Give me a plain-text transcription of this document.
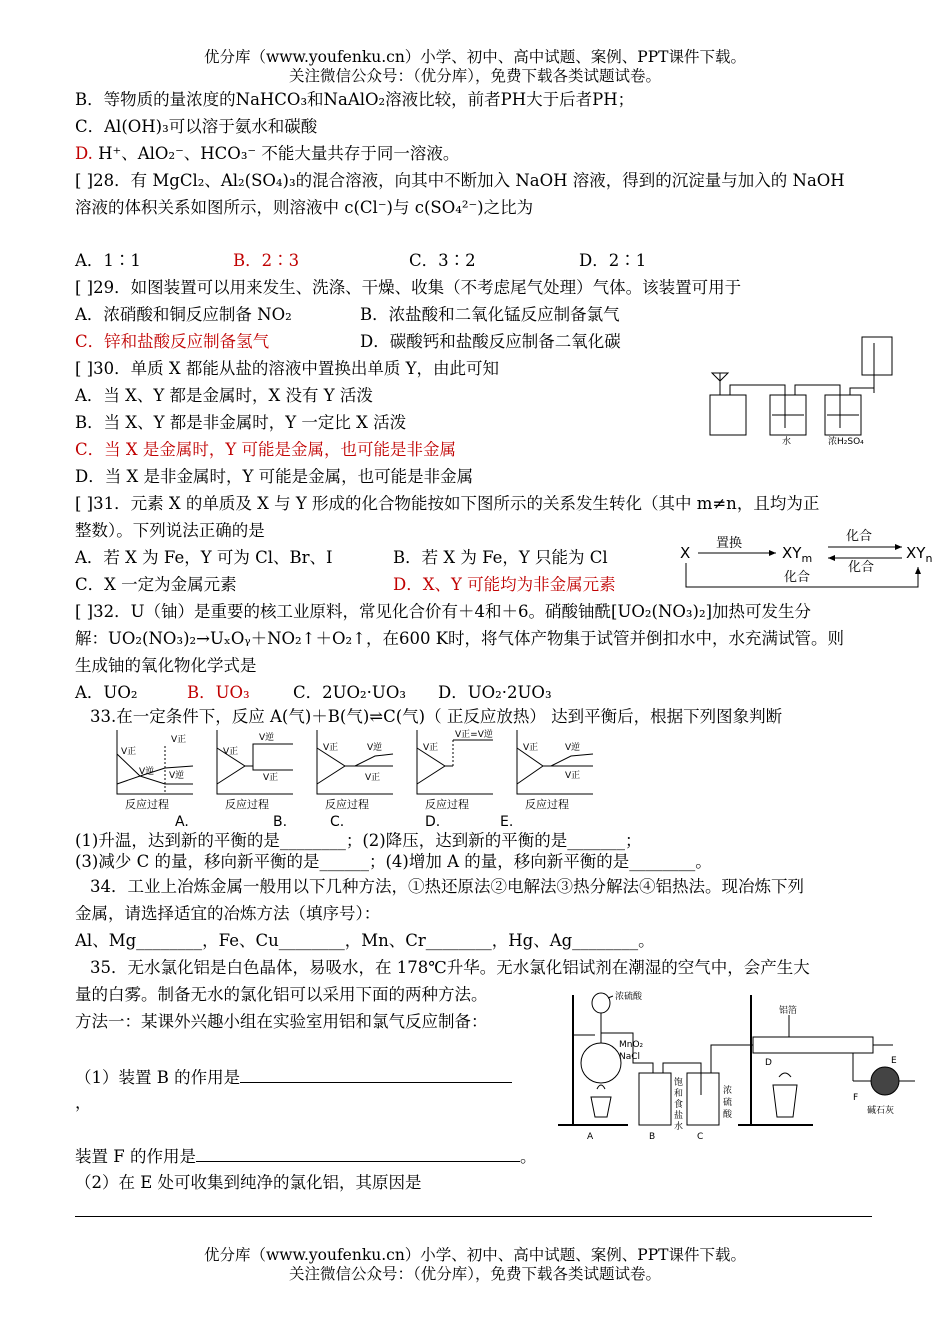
优分库（www.youfenku.cn）小学、初中、高中试题、案例、PPT课件下载。
关注微信公众号：（优分库），免费下载各类试题试卷。
B．等物质的量浓度的NaHCO₃和NaAlO₂溶液比较，前者PH大于后者PH；
C．Al(OH)₃可以溶于氨水和碳酸
D. H⁺、AlO₂⁻、HCO₃⁻ 不能大量共存于同一溶液。
[ ]28．有 MgCl₂、Al₂(SO₄)₃的混合溶液，向其中不断加入 NaOH 溶液，得到的沉淀量与加入的 NaOH
溶液的体积关系如图所示，则溶液中 c(Cl⁻)与 c(SO₄²⁻)之比为
A．1∶1	B．2∶3	C．3∶2	D．2∶1
[ ]29．如图装置可以用来发生、洗涤、干燥、收集（不考虑尾气处理）气体。该装置可用于
A．浓硝酸和铜反应制备 NO₂	B．浓盐酸和二氧化锰反应制备氯气
C．锌和盐酸反应制备氢气	D．碳酸钙和盐酸反应制备二氧化碳
水	浓H₂SO₄
[ ]30．单质 X 都能从盐的溶液中置换出单质 Y，由此可知
A．当 X、Y 都是金属时，X 没有 Y 活泼
B．当 X、Y 都是非金属时，Y 一定比 X 活泼
C．当 X 是金属时，Y 可能是金属，也可能是非金属
D．当 X 是非金属时，Y 可能是金属，也可能是非金属
[ ]31．元素 X 的单质及 X 与 Y 形成的化合物能按如下图所示的关系发生转化（其中 m≠n，且均为正
整数）。下列说法正确的是
A．若 X 为 Fe，Y 可为 Cl、Br、I	B．若 X 为 Fe，Y 只能为 Cl
C．X 一定为金属元素	D．X、Y 可能均为非金属元素
X
置换
$XY_m$
化合
化合
$XY_n$
化合
[ ]32．U（铀）是重要的核工业原料，常见化合价有＋4和＋6。硝酸铀酰[UO₂(NO₃)₂]加热可发生分
解：UO₂(NO₃)₂→UₓOᵧ＋NO₂↑＋O₂↑，在600 K时，将气体产物集于试管并倒扣水中，水充满试管。则
生成铀的氧化物化学式是
A．UO₂	B．UO₃	C．2UO₂·UO₃ D．UO₂·2UO₃
33.在一定条件下，反应 A(气)＋B(气)⇌C(气)（ 正反应放热） 达到平衡后，根据下列图象判断
V正
V正
V逆 V逆
反应过程
V正
V逆
V正
反应过程
V正	V逆
V正
反应过程
V正
V正=V逆
反应过程
V正	V逆
V正
反应过程
A.	B.	C.	D.	E.
(1)升温，达到新的平衡的是________；(2)降压，达到新的平衡的是_______；
(3)减少 C 的量，移向新平衡的是______；(4)增加 A 的量，移向新平衡的是________。
34．工业上冶炼金属一般用以下几种方法，①热还原法②电解法③热分解法④铝热法。现冶炼下列
金属，请选择适宜的冶炼方法（填序号）：
Al、Mg________，Fe、Cu________，Mn、Cr________，Hg、Ag________。
35．无水氯化铝是白色晶体，易吸水，在 178℃升华。无水氯化铝试剂在潮湿的空气中，会产生大
量的白雾。制备无水的氯化铝可以采用下面的两种方法。
方法一：某课外兴趣小组在实验室用铝和氯气反应制备：
（1）装置 B 的作用是
，
装置 F 的作用是	。
（2）在 E 处可收集到纯净的氯化铝，其原因是
浓硫酸
MnO₂
NaCl
A
饱
和
食
盐
水
B
浓
硫
酸
C
铝箔
D	E
F
碱石灰
优分库（www.youfenku.cn）小学、初中、高中试题、案例、PPT课件下载。
关注微信公众号：（优分库），免费下载各类试题试卷。
